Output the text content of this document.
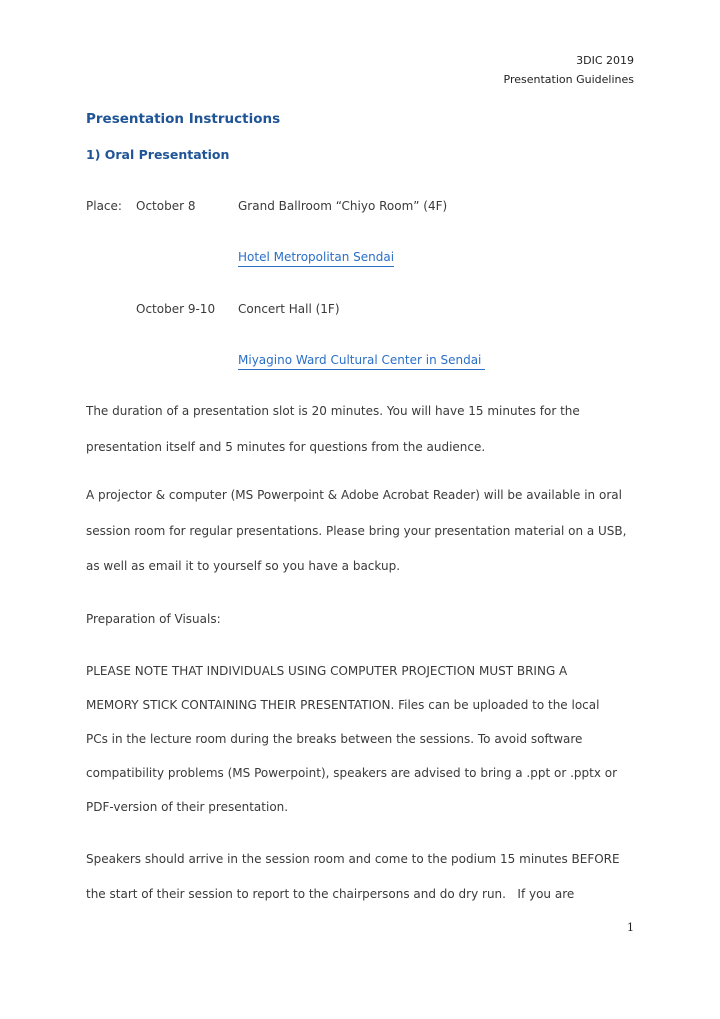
3DIC 2019
Presentation Guidelines
Presentation Instructions
1) Oral Presentation
Place: October 8	Grand Ballroom “Chiyo Room” (4F)
Hotel Metropolitan Sendai
October 9-10 Concert Hall (1F)
Miyagino Ward Cultural Center in Sendai
The duration of a presentation slot is 20 minutes. You will have 15 minutes for the
presentation itself and 5 minutes for questions from the audience.
A projector & computer (MS Powerpoint & Adobe Acrobat Reader) will be available in oral
session room for regular presentations. Please bring your presentation material on a USB,
as well as email it to yourself so you have a backup.
Preparation of Visuals:
PLEASE NOTE THAT INDIVIDUALS USING COMPUTER PROJECTION MUST BRING A
MEMORY STICK CONTAINING THEIR PRESENTATION. Files can be uploaded to the local
PCs in the lecture room during the breaks between the sessions. To avoid software
compatibility problems (MS Powerpoint), speakers are advised to bring a .ppt or .pptx or
PDF-version of their presentation.
Speakers should arrive in the session room and come to the podium 15 minutes BEFORE
the start of their session to report to the chairpersons and do dry run.   If you are
1
